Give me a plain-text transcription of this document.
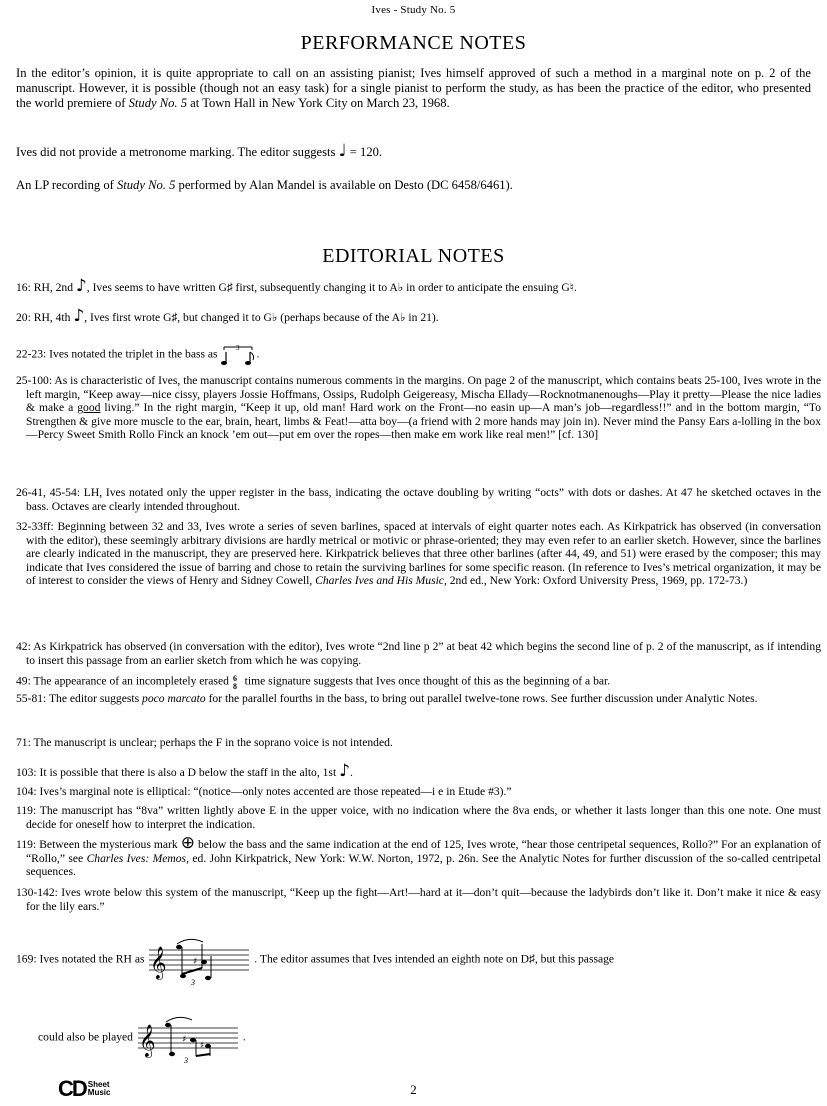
Ives - Study No. 5
PERFORMANCE NOTES
In the editor’s opinion, it is quite appropriate to call on an assisting pianist; Ives himself approved of such a method in a marginal note on p. 2 of the manuscript. However, it is possible (though not an easy task) for a single pianist to perform the study, as has been the practice of the editor, who presented the world premiere of Study No. 5 at Town Hall in New York City on March 23, 1968.
Ives did not provide a metronome marking. The editor suggests ♩ = 120.
An LP recording of Study No. 5 performed by Alan Mandel is available on Desto (DC 6458/6461).
EDITORIAL NOTES
16: RH, 2nd ♪, Ives seems to have written G♯ first, subsequently changing it to A♭ in order to anticipate the ensuing G♮.
20: RH, 4th ♪, Ives first wrote G♯, but changed it to G♭ (perhaps because of the A♭ in 21).
22-23: Ives notated the triplet in the bass as	3 .
25-100: As is characteristic of Ives, the manuscript contains numerous comments in the margins. On page 2 of the manuscript, which contains beats 25-100, Ives wrote in the left margin, “Keep away—nice cissy, players Jossie Hoffmans, Ossips, Rudolph Geigereasy, Mischa Ellady—Rocknotmanenoughs—Play it pretty—Please the nice ladies & make a good living.” In the right margin, “Keep it up, old man! Hard work on the Front—no easin up—A man’s job—regardless!!” and in the bottom margin, “To Strengthen & give more muscle to the ear, brain, heart, limbs & Feat!—atta boy—(a friend with 2 more hands may join in). Never mind the Pansy Ears a-lolling in the box—Percy Sweet Smith Rollo Finck an knock ’em out—put em over the ropes—then make em work like real men!” [cf. 130]
26-41, 45-54: LH, Ives notated only the upper register in the bass, indicating the octave doubling by writing “octs” with dots or dashes. At 47 he sketched octaves in the bass. Octaves are clearly intended throughout.
32-33ff: Beginning between 32 and 33, Ives wrote a series of seven barlines, spaced at intervals of eight quarter notes each. As Kirkpatrick has observed (in conversation with the editor), these seemingly arbitrary divisions are hardly metrical or motivic or phrase-oriented; they may even refer to an earlier sketch. However, since the barlines are clearly indicated in the manuscript, they are preserved here. Kirkpatrick believes that three other barlines (after 44, 49, and 51) were erased by the composer; this may indicate that Ives considered the issue of barring and chose to retain the surviving barlines for some specific reason. (In reference to Ives’s metrical organization, it may be of interest to consider the views of Henry and Sidney Cowell, Charles Ives and His Music, 2nd ed., New York: Oxford University Press, 1969, pp. 172-73.)
42: As Kirkpatrick has observed (in conversation with the editor), Ives wrote “2nd line p 2” at beat 42 which begins the second line of p. 2 of the manuscript, as if intending to insert this passage from an earlier sketch from which he was copying.
49: The appearance of an incompletely erased 6
8 time signature suggests that Ives once thought of this as the beginning of a bar.
55-81: The editor suggests poco marcato for the parallel fourths in the bass, to bring out parallel twelve-tone rows. See further discussion under Analytic Notes.
71: The manuscript is unclear; perhaps the F in the soprano voice is not intended.
103: It is possible that there is also a D below the staff in the alto, 1st ♪.
104: Ives’s marginal note is elliptical: “(notice—only notes accented are those repeated—i e in Etude #3).”
119: The manuscript has “8va” written lightly above E in the upper voice, with no indication where the 8va ends, or whether it lasts longer than this one note. One must decide for oneself how to interpret the indication.
119: Between the mysterious mark ⊕ below the bass and the same indication at the end of 125, Ives wrote, “hear those centripetal sequences, Rollo?” For an explanation of “Rollo,” see Charles Ives: Memos, ed. John Kirkpatrick, New York: W.W. Norton, 1972, p. 26n. See the Analytic Notes for further discussion of the so-called centripetal sequences.
130-142: Ives wrote below this system of the manuscript, “Keep up the fight—Art!—hard at it—don’t quit—because the ladybirds don’t like it. Don’t make it nice & easy for the lily ears.”
169: Ives notated the RH as 𝄞	♯
3
. The editor assumes that Ives intended an eighth note on D♯, but this passage
could also be played 𝄞	♯
♯
3
.
CD Sheet
Music	2
